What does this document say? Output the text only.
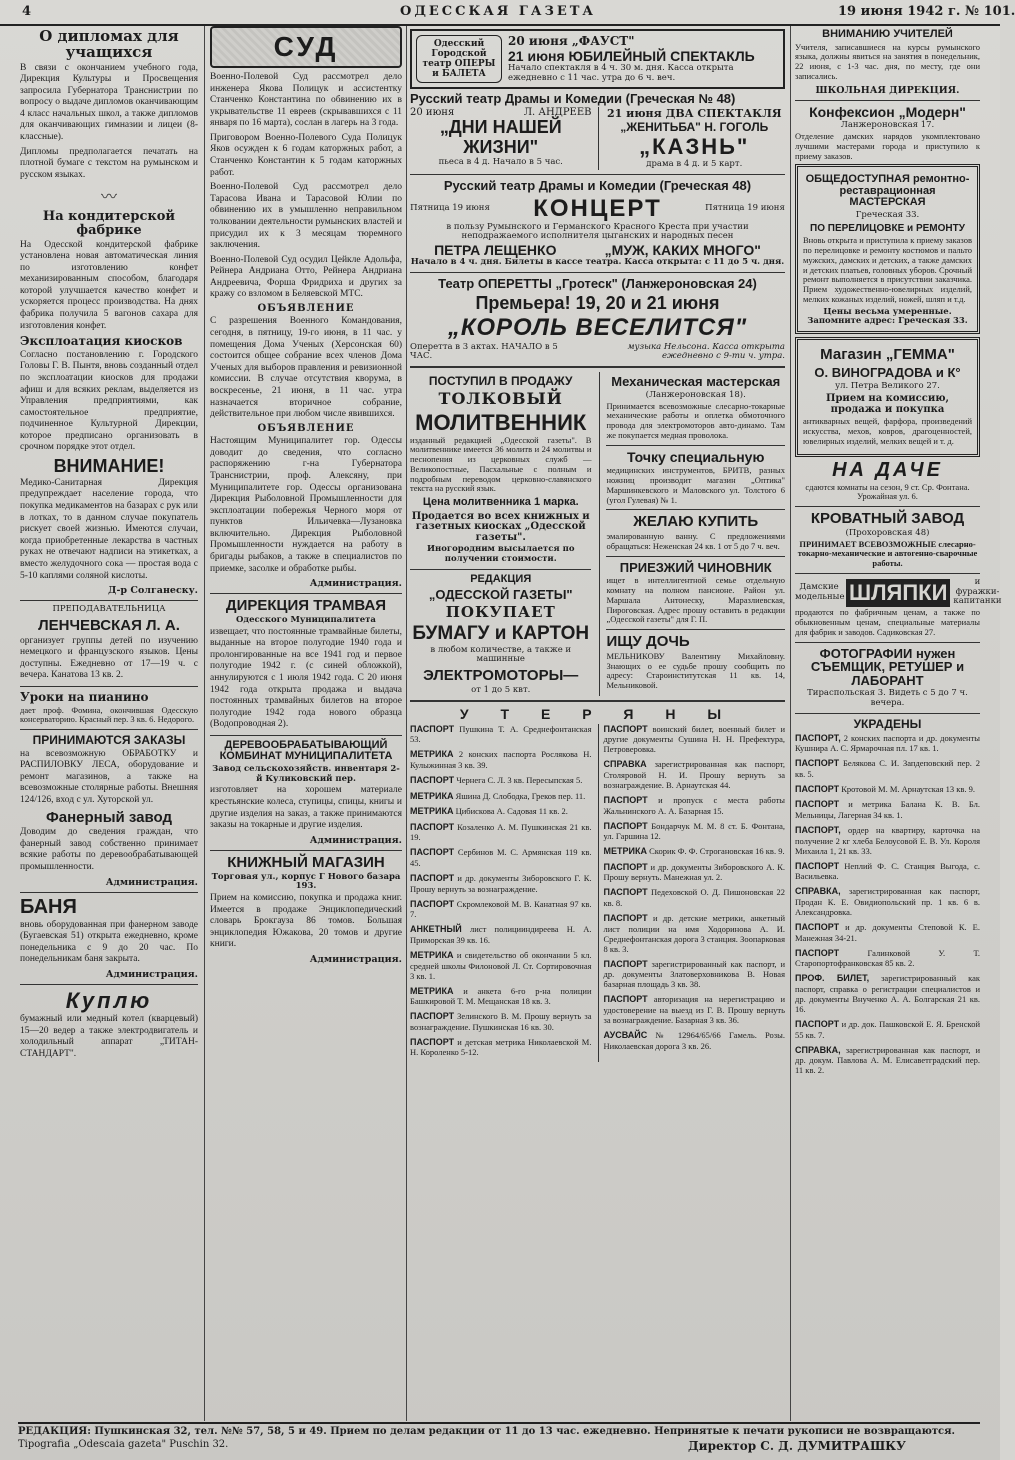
4	ОДЕССКАЯ ГАЗЕТА	19 июня 1942 г. № 101.
О дипломах для учащихся
В связи с окончанием учебного года, Дирекция Культуры и Просвещения запросила Губернатора Транснистрии по вопросу о выдаче дипломов оканчивающим 4 класс начальных школ, а также дипломов для оканчивающих гимназии и лицеи (8-классные).
Дипломы предполагается печатать на плотной бумаге с текстом на румынском и русском языках.
〰
На кондитерской фабрике
На Одесской кондитерской фабрике установлена новая автоматическая линия по изготовлению конфет механизированным способом, благодаря которой улучшается качество конфет и ускоряется процесс производства. На днях фабрика получила 5 вагонов сахара для изготовления конфет.
Эксплоатация киосков
Согласно постановлению г. Городского Головы Г. В. Пынтя, вновь созданный отдел по эксплоатации киосков для продажи афиш и для всяких реклам, выделяется из Управления предприятиями, как самостоятельное предприятие, подчиненное Культурной Дирекции, которое предписано организовать в срочном порядке этот отдел.
ВНИМАНИЕ!
Медико-Санитарная Дирекция предупреждает население города, что покупка медикаментов на базарах с рук или в лотках, то в данном случае покупатель рискует своей жизнью. Имеются случаи, когда приобретенные лекарства в частных руках не отвечают надписи на этикетках, а вместо желудочного сока — простая вода с 5-10 каплями соляной кислоты.
Д-р Солганеску.
ПРЕПОДАВАТЕЛЬНИЦА
ЛЕНЧЕВСКАЯ Л. А.
организует группы детей по изучению немецкого и французского языков. Цены доступны. Ежедневно от 17—19 ч. с вечера. Канатова 13 кв. 2.
Уроки на пианино
дает проф. Фомина, окончившая Одесскую консерваторию. Красный пер. 3 кв. 6. Недорого.
ПРИНИМАЮТСЯ ЗАКАЗЫ
на всевозможную ОБРАБОТКУ и РАСПИЛОВКУ ЛЕСА, оборудование и ремонт магазинов, а также на всевозможные столярные работы. Внешняя 124/126, вход с ул. Хуторской ул.
Фанерный завод
Доводим до сведения граждан, что фанерный завод собственно принимает всякие работы по деревообрабатывающей промышленности.
Администрация.
БАНЯ
вновь оборудованная при фанерном заводе (Бугаевская 51) открыта ежедневно, кроме понедельника с 9 до 20 час. По понедельникам баня закрыта.
Администрация.
Куплю
бумажный или медный котел (кварцевый) 15—20 ведер а также электродвигатель и холодильный аппарат „ТИТАН-СТАНДАРТ".
СУД
Военно-Полевой Суд рассмотрел дело инженера Якова Полицук и ассистентку Станченко Константина по обвинению их в укрывательстве 11 евреев (скрывавшихся с 11 января по 16 марта), сослан в лагерь на 3 года.
Приговором Военно-Полевого Суда Полицук Яков осужден к 6 годам каторжных работ, а Станченко Константин к 5 годам каторжных работ.
Военно-Полевой Суд рассмотрел дело Тарасова Ивана и Тарасовой Юлии по обвинению их в умышленно неправильном толковании деятельности румынских властей и присудил их к 3 месяцам тюремного заключения.
Военно-Полевой Суд осудил Цейкле Адольфа, Рейнера Андриана Отто, Рейнера Андриана Андреевича, Форша Фридриха и других за кражу со взломом в Беляевской МТС.
ОБЪЯВЛЕНИЕ
С разрешения Военного Командования, сегодня, в пятницу, 19-го июня, в 11 час. у помещения Дома Ученых (Херсонская 60) состоится общее собрание всех членов Дома Ученых для выборов правления и ревизионной комиссии. В случае отсутствия кворума, в воскресенье, 21 июня, в 11 час. утра назначается вторичное собрание, действительное при любом числе явившихся.
ОБЪЯВЛЕНИЕ
Настоящим Муниципалитет гор. Одессы доводит до сведения, что согласно распоряжению г-на Губернатора Транснистрии, проф. Алексяну, при Муниципалитете гор. Одессы организована Дирекция Рыболовной Промышленности для эксплоатации побережья Черного моря от пунктов Ильичевка—Лузановка включительно. Дирекция Рыболовной Промышленности нуждается на работу в бригады рыбаков, а также в специалистов по приемке, засолке и обработке рыбы.
Администрация.
ДИРЕКЦИЯ ТРАМВАЯ
Одесского Муниципалитета
извещает, что постоянные трамвайные билеты, выданные на второе полугодие 1940 года и пролонгированные на все 1941 год и первое полугодие 1942 г. (с синей обложкой), аннулируются с 1 июля 1942 года. С 20 июня 1942 года открыта продажа и выдача постоянных трамвайных билетов на второе полугодие 1942 года нового образца (Водопроводная 2).
ДЕРЕВООБРАБАТЫВАЮЩИЙ КОМБИНАТ МУНИЦИПАЛИТЕТА
Завод сельскохозяйств. инвентаря 2-й Куликовский пер.
изготовляет на хорошем материале крестьянские колеса, ступицы, спицы, книгы и другие изделия на заказ, а также принимаются заказы на токарные и другие изделия.
Администрация.
КНИЖНЫЙ МАГАЗИН
Торговая ул., корпус Г Нового базара 193.
Прием на комиссию, покупка и продажа книг. Имеется в продаже Энциклопедический словарь Брокгауза 86 томов. Большая энциклопедия Южакова, 20 томов и другие книги.
Администрация.
Одесский Городской театр ОПЕРЫ и БАЛЕТА
20 июня „ФАУСТ"
21 июня ЮБИЛЕЙНЫЙ СПЕКТАКЛЬ
Начало спектакля в 4 ч. 30 м. дня. Касса открыта ежедневно с 11 час. утра до 6 ч. веч.
Русский театр Драмы и Комедии (Греческая № 48)
20 июня	Л. АНДРЕЕВ
„ДНИ НАШЕЙ ЖИЗНИ"
пьеса в 4 д. Начало в 5 час.
21 июня ДВА СПЕКТАКЛЯ
„ЖЕНИТЬБА" Н. ГОГОЛЬ
„КАЗНЬ"
драма в 4 д. и 5 карт.
Русский театр Драмы и Комедии (Греческая 48)
Пятница 19 июня КОНЦЕРТ	Пятница 19 июня
в пользу Румынского и Германского Красного Креста при участии неподражаемого исполнителя цыганских и народных песен
ПЕТРА ЛЕЩЕНКО	„МУЖ, КАКИХ МНОГО"
Начало в 4 ч. дня. Билеты в кассе театра. Касса открыта: с 11 до 5 ч. дня.
Театр ОПЕРЕТТЫ „Гротеск" (Ланжероновская 24)
Премьера! 19, 20 и 21 июня
„КОРОЛЬ ВЕСЕЛИТСЯ"
Оперетта в 3 актах. НАЧАЛО в 5 ЧАС.
музыка Нельсона. Касса открыта ежедневно с 9-ти ч. утра.
ПОСТУПИЛ В ПРОДАЖУ
ТОЛКОВЫЙ
МОЛИТВЕННИК
изданный редакцией „Одесской газеты". В молитвеннике имеется 36 молитв и 24 молитвы и песнопения из церковных служб — Великопостные, Пасхальные с полным и подробным переводом церковно-славянского текста на русский язык.
Цена молитвенника 1 марка.
Продается во всех книжных и газетных киосках „Одесской газеты".
Иногородним высылается по получении стоимости.
РЕДАКЦИЯ
„ОДЕССКОЙ ГАЗЕТЫ"
ПОКУПАЕТ
БУМАГУ и КАРТОН
в любом количестве, а также и машинные
ЭЛЕКТРОМОТОРЫ—
от 1 до 5 квт.
Механическая мастерская
(Ланжероновская 18).
Принимается всевозможные слесарно-токарные механические работы и оплетка обмоточного провода для электромоторов авто-динамо. Там же покупается медная проволока.
Точку специальную
медицинских инструментов, БРИТВ, разных ножниц производит магазин „Оптика" Маршинкевского и Маловского ул. Толстого 6 (угол Гулевая) № 1.
ЖЕЛАЮ КУПИТЬ
эмалированную ванну. С предложениями обращаться: Неженская 24 кв. 1 от 5 до 7 ч. веч.
ПРИЕЗЖИЙ ЧИНОВНИК
ищет в интеллигентной семье отдельную комнату на полном пансионе. Район ул. Маршала Антонеску, Маразлиевская, Пироговская. Адрес прошу оставить в редакции „Одесской газеты" для Г. П.
ИЩУ ДОЧЬ
МЕЛЬНИКОВУ Валентину Михайловну. Знающих о ее судьбе прошу сообщить по адресу: Староинститутская 11 кв. 14, Мельниковой.
У Т Е Р Я Н Ы
ПАСПОРТ Пушкина Т. А. Среднефонтанская 53.
МЕТРИКА 2 конских паспорта Рослякова Н. Кулыжинная 3 кв. 39.
ПАСПОРТ Чернега С. Л. 3 кв. Пересыпская 5.
МЕТРИКА Яшина Д. Слободка, Греков пер. 11.
МЕТРИКА Цибискова А. Садовая 11 кв. 2.
ПАСПОРТ Козаленко А. М. Пушкинская 21 кв. 19.
ПАСПОРТ Сербинов М. С. Армянская 119 кв. 45.
ПАСПОРТ и др. документы Зиборовского Г. К. Прошу вернуть за вознаграждение.
ПАСПОРТ Скромлековой М. В. Канатная 97 кв. 7.
АНКЕТНЫЙ лист полицииндиреева Н. А. Приморская 39 кв. 16.
МЕТРИКА и свидетельство об окончании 5 кл. средней школы Филоновой Л. Ст. Сортировочная 3 кв. 1.
МЕТРИКА и анкета 6-го р-на полиции Башкировой Т. М. Мещанская 18 кв. 3.
ПАСПОРТ Зелинского В. М. Прошу вернуть за вознаграждение. Пушкинская 16 кв. 30.
ПАСПОРТ и детская метрика Николаевской М. Н. Короленко 5-12.
ПАСПОРТ воинский билет, военный билет и другие документы Сушина Н. Н. Префектура, Петроверовка.
СПРАВКА зарегистрированная как паспорт, Столяровой Н. И. Прошу вернуть за вознаграждение. В. Арнаутская 44.
ПАСПОРТ и пропуск с места работы Жальнинского А. А. Базарная 15.
ПАСПОРТ Бондарчук М. М. 8 ст. Б. Фонтана, ул. Гаршина 12.
МЕТРИКА Скорик Ф. Ф. Строгановская 16 кв. 9.
ПАСПОРТ и др. документы Зиборовского А. К. Прошу вернуть. Манежная ул. 2.
ПАСПОРТ Педеховской О. Д. Пишоновская 22 кв. 8.
ПАСПОРТ и др. детские метрики, анкетный лист полиции на имя Ходоринова А. И. Среднефонтанская дорога 3 станция. Зоопарковая 8 кв. 3.
ПАСПОРТ зарегистрированный как паспорт, и др. документы Златоверховникова В. Новая базарная площадь 3 кв. 38.
ПАСПОРТ авторизация на нерегистрацию и удостоверение на выезд из Г. В. Прошу вернуть за вознаграждение. Базарная 3 кв. 36.
АУСВАЙС № 12964/65/66 Гамель. Розы. Николаевская дорога 3 кв. 26.
ВНИМАНИЮ УЧИТЕЛЕЙ
Учителя, записавшиеся на курсы румынского языка, должны явиться на занятия в понедельник, 22 июня, с 1-3 час. дня, по месту, где они записались.
ШКОЛЬНАЯ ДИРЕКЦИЯ.
Конфексион „Модерн"
Ланжероновская 17.
Отделение дамских нарядов укомплектовано лучшими мастерами города и приступило к приему заказов.
ОБЩЕДОСТУПНАЯ ремонтно-реставрационная МАСТЕРСКАЯ
Греческая 33.
ПО ПЕРЕЛИЦОВКЕ и РЕМОНТУ
Вновь открыта и приступила к приему заказов по перелицовке и ремонту костюмов и пальто мужских, дамских и детских, а также дамских и детских платьев, головных уборов. Срочный ремонт выполняется в присутствии заказчика. Прием художественно-ювелирных изделий, мелких кожаных изделий, ножей, шляп и т.д.
Цены весьма умеренные. Запомните адрес: Греческая 33.
Магазин „ГЕММА"
О. ВИНОГРАДОВА и К°
ул. Петра Великого 27.
Прием на комиссию, продажа и покупка
антикварных вещей, фарфора, произведений искусства, мехов, ковров, драгоценностей, ювелирных изделий, мелких вещей и т. д.
НА ДАЧЕ
сдаются комнаты на сезон, 9 ст. Ср. Фонтана. Урожайная ул. 6.
КРОВАТНЫЙ ЗАВОД
(Прохоровская 48)
ПРИНИМАЕТ ВСЕВОЗМОЖНЫЕ слесарно-токарно-механические и автогенно-сварочные работы.
Дамские модельные ШЛЯПКИ	и фуражки-капитанки
продаются по фабричным ценам, а также по обыкновенным ценам, специальные материалы для фабрик и заводов. Садиковская 27.
ФОТОГРАФИИ нужен СЪЕМЩИК, РЕТУШЕР и ЛАБОРАНТ
Тираспольская 3. Видеть с 5 до 7 ч. вечера.
УКРАДЕНЫ
ПАСПОРТ, 2 конских паспорта и др. документы Кушнира А. С. Ярмарочная пл. 17 кв. 1.
ПАСПОРТ Белякова С. И. Запдеповский пер. 2 кв. 5.
ПАСПОРТ Кротовой М. М. Арнаутская 13 кв. 9.
ПАСПОРТ и метрика Балана К. В. Бл. Мельницы, Лагерная 34 кв. 1.
ПАСПОРТ, ордер на квартиру, карточка на получение 2 кг хлеба Белоусовой Е. В. Ул. Короля Михаила 1, 21 кв. 33.
ПАСПОРТ Неплий Ф. С. Станция Выгода, с. Васильевка.
СПРАВКА, зарегистрированная как паспорт, Продан К. Е. Овидиопольский пр. 1 кв. 6 в. Александровка.
ПАСПОРТ и др. документы Степовой К. Е. Манежная 34-21.
ПАСПОРТ	Галинковой У. Т. Старопортофранковская 85 кв. 2.
ПРОФ. БИЛЕТ, зарегистрированный как паспорт, справка о регистрации специалистов и др. документы Внученко А. А. Болгарская 21 кв. 16.
ПАСПОРТ и др. док. Пашковской Е. Я. Бренской 55 кв. 7.
СПРАВКА, зарегистрированная как паспорт, и др. докум. Павлова А. М. Елисаветградский пер. 11 кв. 2.
РЕДАКЦИЯ: Пушкинская 32, тел. №№ 57, 58, 5 и 49. Прием по делам редакции от 11 до 13 час. ежедневно. Непринятые к печати рукописи не возвращаются.
Tipografia „Odescaia gazeta" Puschin 32.	Директор С. Д. ДУМИТРАШКУ
